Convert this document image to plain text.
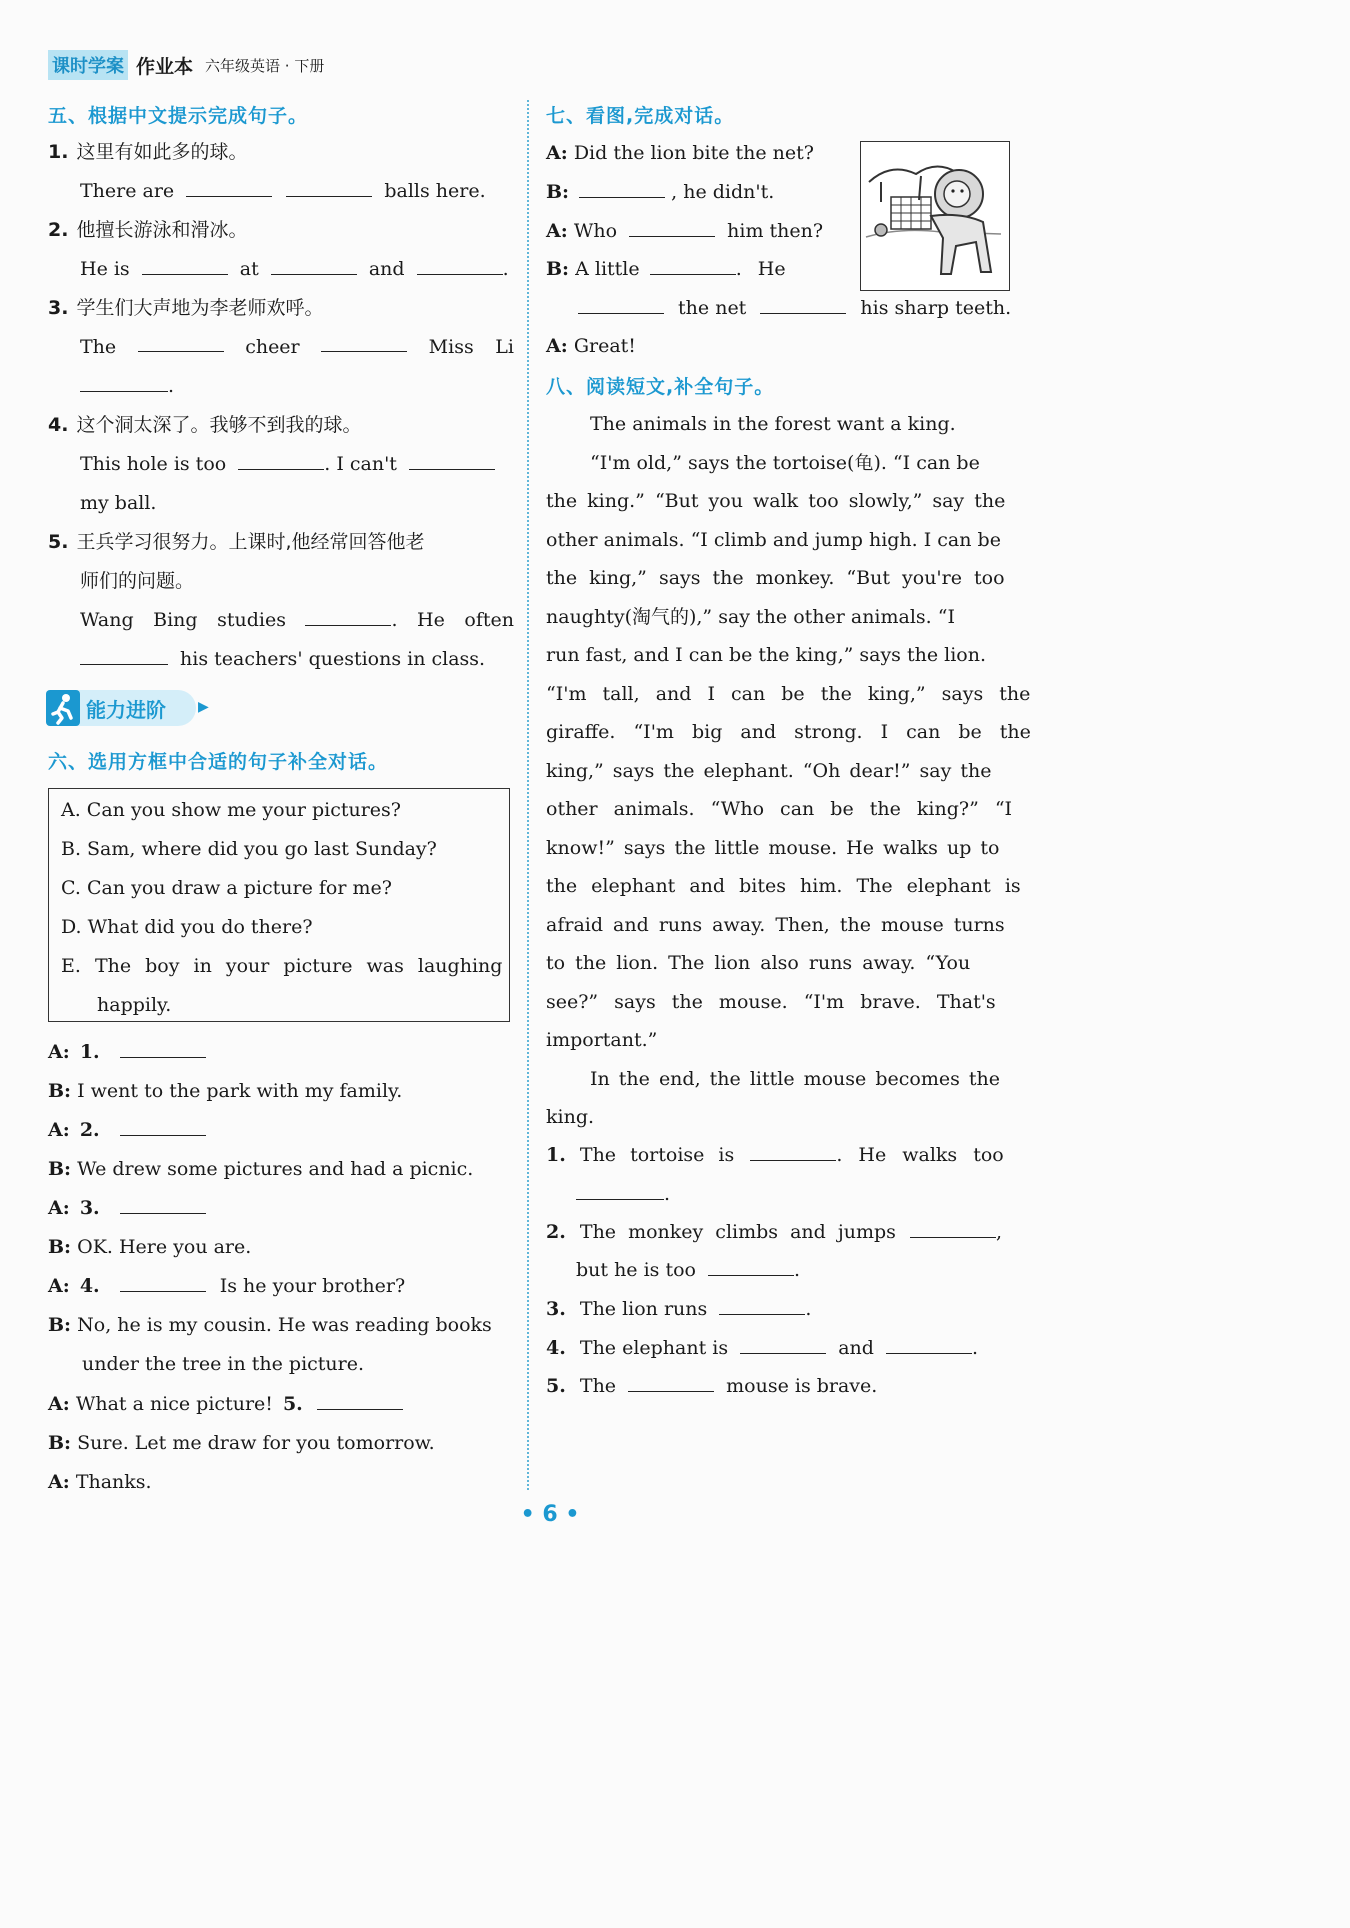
课时学案 作业本 六年级英语 · 下册
五、根据中文提示完成句子。
1. 这里有如此多的球。
There are	balls here.
2. 他擅长游泳和滑冰。
He is	at	and	.
3. 学生们大声地为李老师欢呼。
The	cheer	Miss Li
.
4. 这个洞太深了。我够不到我的球。
This hole is too	. I can't
my ball.
5. 王兵学习很努力。上课时,他经常回答他老
师们的问题。
Wang Bing studies	. He often
his teachers' questions in class.
能力进阶 ▶
六、选用方框中合适的句子补全对话。
A. Can you show me your pictures?
B. Sam, where did you go last Sunday?
C. Can you draw a picture for me?
D. What did you do there?
E. The boy in your picture was laughing
happily.
A: 1.
B: I went to the park with my family.
A: 2.
B: We drew some pictures and had a picnic.
A: 3.
B: OK. Here you are.
A: 4.	Is he your brother?
B: No, he is my cousin. He was reading books
under the tree in the picture.
A: What a nice picture! 5.
B: Sure. Let me draw for you tomorrow.
A: Thanks.
七、看图,完成对话。
A: Did the lion bite the net?
B:	, he didn't.
A: Who	him then?
B: A little	. He
the net	his sharp teeth.
A: Great!
八、阅读短文,补全句子。
The animals in the forest want a king.
“I'm old,” says the tortoise(龟). “I can be
the king.” “But you walk too slowly,” say the
other animals. “I climb and jump high. I can be
the king,” says the monkey. “But you're too
naughty(淘气的),” say the other animals. “I
run fast, and I can be the king,” says the lion.
“I'm tall, and I can be the king,” says the
giraffe. “I'm big and strong. I can be the
king,” says the elephant. “Oh dear!” say the
other animals. “Who can be the king?” “I
know!” says the little mouse. He walks up to
the elephant and bites him. The elephant is
afraid and runs away. Then, the mouse turns
to the lion. The lion also runs away. “You
see?” says the mouse. “I'm brave. That's
important.”
In the end, the little mouse becomes the
king.
1. The tortoise is	. He walks too
.
2. The monkey climbs and jumps	,
but he is too	.
3. The lion runs	.
4. The elephant is	and	.
5. The	mouse is brave.
• 6 •
